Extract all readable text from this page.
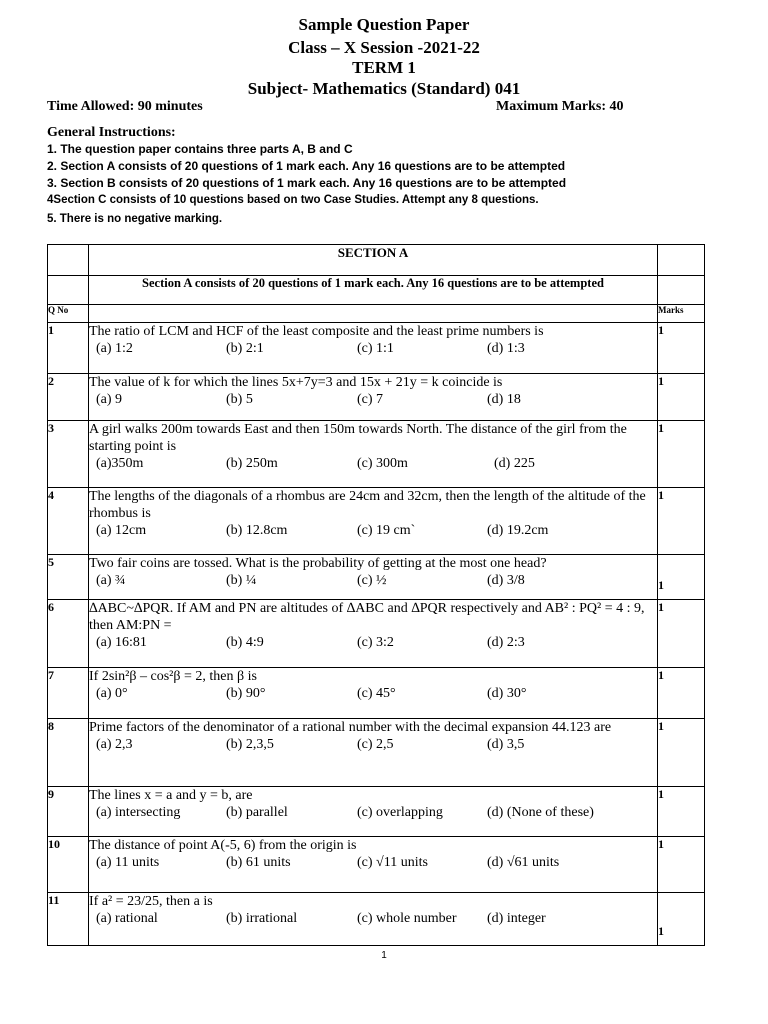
Sample Question Paper
Class – X Session -2021-22
TERM 1
Subject- Mathematics (Standard) 041
Time Allowed: 90 minutes	Maximum Marks: 40
General Instructions:
1. The question paper contains three parts A, B and C
2. Section A consists of 20 questions of 1 mark each. Any 16 questions are to be attempted
3. Section B consists of 20 questions of 1 mark each. Any 16 questions are to be attempted
4Section C consists of 10 questions based on two Case Studies. Attempt any 8 questions.
5. There is no negative marking.
	SECTION A	
	Section A consists of 20 questions of 1 mark each. Any 16 questions are to be attempted	
Q No		Marks
1	The ratio of LCM and HCF of the least composite and the least prime numbers is
(a) 1:2 (b) 2:1 (c) 1:1 (d) 1:3	1
2	The value of k for which the lines 5x+7y=3 and 15x + 21y = k coincide is
(a) 9 (b) 5 (c) 7 (d) 18	1
3	A girl walks 200m towards East and then 150m towards North. The distance of the girl from the starting point is
(a)350m (b) 250m (c) 300m (d) 225	1
4	The lengths of the diagonals of a rhombus are 24cm and 32cm, then the length of the altitude of the rhombus is
(a) 12cm (b) 12.8cm (c) 19 cm` (d) 19.2cm	1
5	Two fair coins are tossed. What is the probability of getting at the most one head?
(a) ¾ (b) ¼ (c) ½ (d) 3/8	1
6	∆ABC~∆PQR. If AM and PN are altitudes of ∆ABC and ∆PQR respectively and AB² : PQ² = 4 : 9, then AM:PN =
(a) 16:81 (b) 4:9 (c) 3:2 (d) 2:3	1
7	If 2sin²β – cos²β = 2, then β is
(a) 0° (b) 90° (c) 45° (d) 30°	1
8	Prime factors of the denominator of a rational number with the decimal expansion 44.123 are
(a) 2,3 (b) 2,3,5 (c) 2,5 (d) 3,5	1
9	The lines x = a and y = b, are
(a) intersecting (b) parallel (c) overlapping (d) (None of these)	1
10	The distance of point A(-5, 6) from the origin is
(a) 11 units (b) 61 units (c) √11 units (d) √61 units	1
11	If a² = 23/25, then a is
(a) rational (b) irrational (c) whole number (d) integer	1
1
